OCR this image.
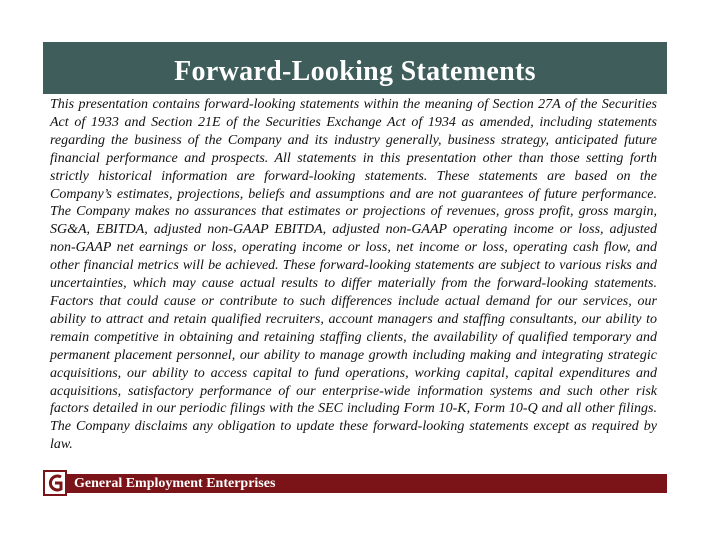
Forward-Looking Statements

This presentation contains forward-looking statements within the meaning of Section 27A of the Securities Act of 1933 and Section 21E of the Securities Exchange Act of 1934 as amended, including statements regarding the business of the Company and its industry generally, business strategy, anticipated future financial performance and prospects. All statements in this presentation other than those setting forth strictly historical information are forward-looking statements. These statements are based on the Company’s estimates, projections, beliefs and assumptions and are not guarantees of future performance. The Company makes no assurances that estimates or projections of revenues, gross profit, gross margin, SG&A, EBITDA, adjusted non-GAAP EBITDA, adjusted non-GAAP operating income or loss, adjusted non-GAAP net earnings or loss, operating income or loss, net income or loss, operating cash flow, and other financial metrics will be achieved. These forward-looking statements are subject to various risks and uncertainties, which may cause actual results to differ materially from the forward-looking statements. Factors that could cause or contribute to such differences include actual demand for our services, our ability to attract and retain qualified recruiters, account managers and staffing consultants, our ability to remain competitive in obtaining and retaining staffing clients, the availability of qualified temporary and permanent placement personnel, our ability to manage growth including making and integrating strategic acquisitions, our ability to access capital to fund operations, working capital, capital expenditures and acquisitions, satisfactory performance of our enterprise-wide information systems and such other risk factors detailed in our periodic filings with the SEC including Form 10-K, Form 10-Q and all other filings. The Company disclaims any obligation to update these forward-looking statements except as required by law.

General Employment Enterprises
